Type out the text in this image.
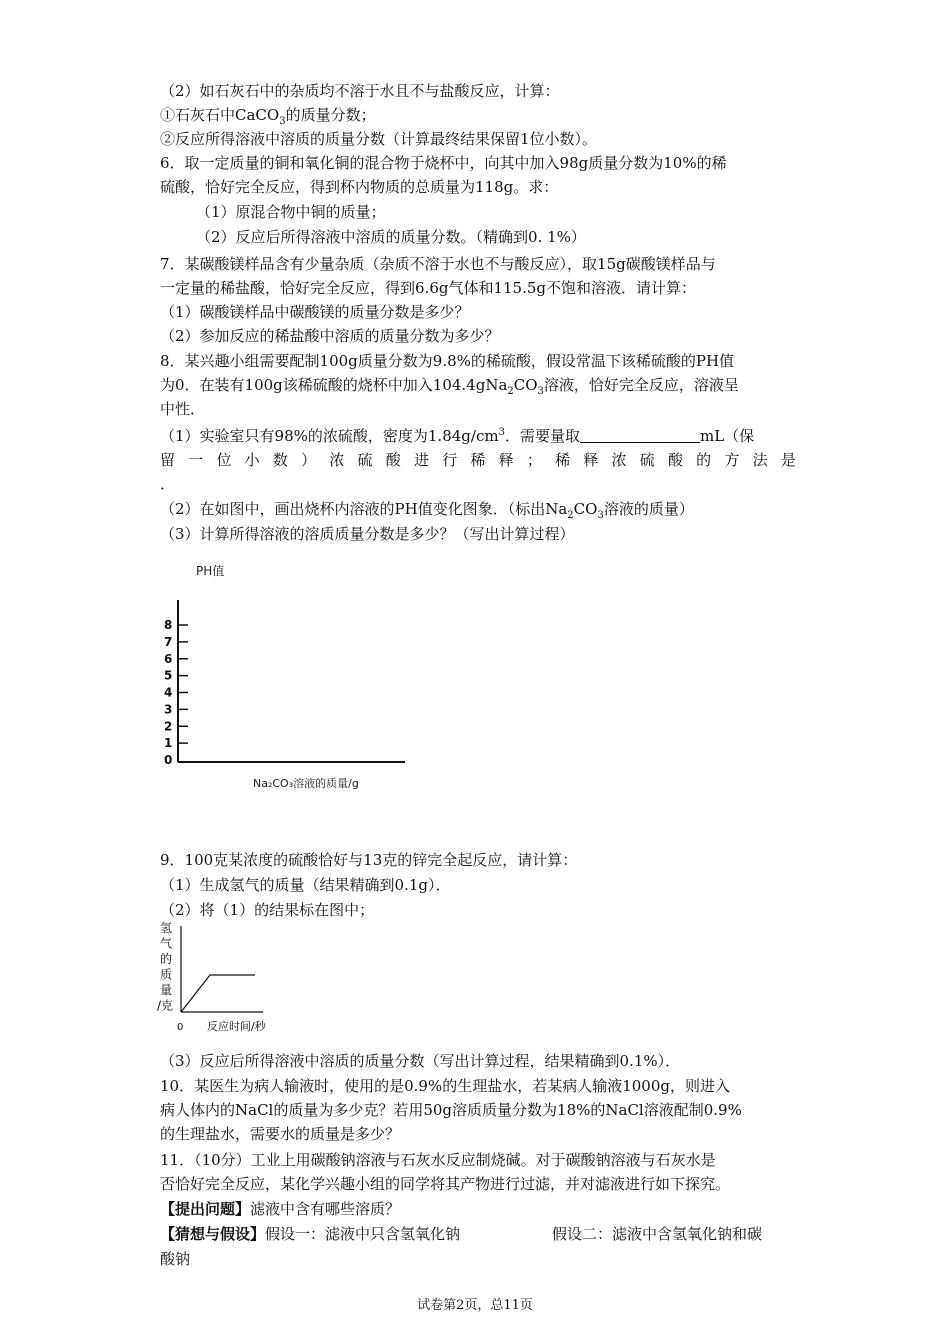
（2）如石灰石中的杂质均不溶于水且不与盐酸反应，计算：
①石灰石中CaCO$_3$的质量分数；
②反应所得溶液中溶质的质量分数（计算最终结果保留1位小数）。
6．取一定质量的铜和氧化铜的混合物于烧杯中，向其中加入98g质量分数为10%的稀
硫酸，恰好完全反应，得到杯内物质的总质量为118g。求：
（1）原混合物中铜的质量；
（2）反应后所得溶液中溶质的质量分数。（精确到0. 1%）
7．某碳酸镁样品含有少量杂质（杂质不溶于水也不与酸反应），取15g碳酸镁样品与
一定量的稀盐酸，恰好完全反应，得到6.6g气体和115.5g不饱和溶液．请计算：
（1）碳酸镁样品中碳酸镁的质量分数是多少？
（2）参加反应的稀盐酸中溶质的质量分数为多少？
8．某兴趣小组需要配制100g质量分数为9.8%的稀硫酸，假设常温下该稀硫酸的PH值
为0．在装有100g该稀硫酸的烧杯中加入$104.4gNa_2CO_3$溶液，恰好完全反应，溶液呈
中性．
（1）实验室只有98%的浓硫酸，密度为$1.84g/cm^3$．需要量取	mL（保
留 一 位 小 数 ） 浓 硫 酸 进 行 稀 释 ； 稀 释 浓 硫 酸 的 方 法 是
．
（2）在如图中，画出烧杯内溶液的PH值变化图象．（标出$Na_2CO_3$溶液的质量）
（3）计算所得溶液的溶质质量分数是多少？（写出计算过程）
PH值
8
7
6
5
4
3
2
1
0
Na₂CO₃溶液的质量/g
9．100克某浓度的硫酸恰好与13克的锌完全起反应，请计算：
（1）生成氢气的质量（结果精确到0.1g）．
（2）将（1）的结果标在图中；
氢
气
的
质
量
/克
0 反应时间/秒
（3）反应后所得溶液中溶质的质量分数（写出计算过程，结果精确到0.1%）．
10．某医生为病人输液时，使用的是0.9%的生理盐水，若某病人输液1000g，则进入
病人体内的NaCl的质量为多少克？若用50g溶质质量分数为18%的NaCl溶液配制0.9%
的生理盐水，需要水的质量是多少？
11．（10分）工业上用碳酸钠溶液与石灰水反应制烧碱。对于碳酸钠溶液与石灰水是
否恰好完全反应，某化学兴趣小组的同学将其产物进行过滤，并对滤液进行如下探究。
【提出问题】滤液中含有哪些溶质？
【猜想与假设】假设一：滤液中只含氢氧化钠	假设二：滤液中含氢氧化钠和碳
酸钠
试卷第2页，总11页
